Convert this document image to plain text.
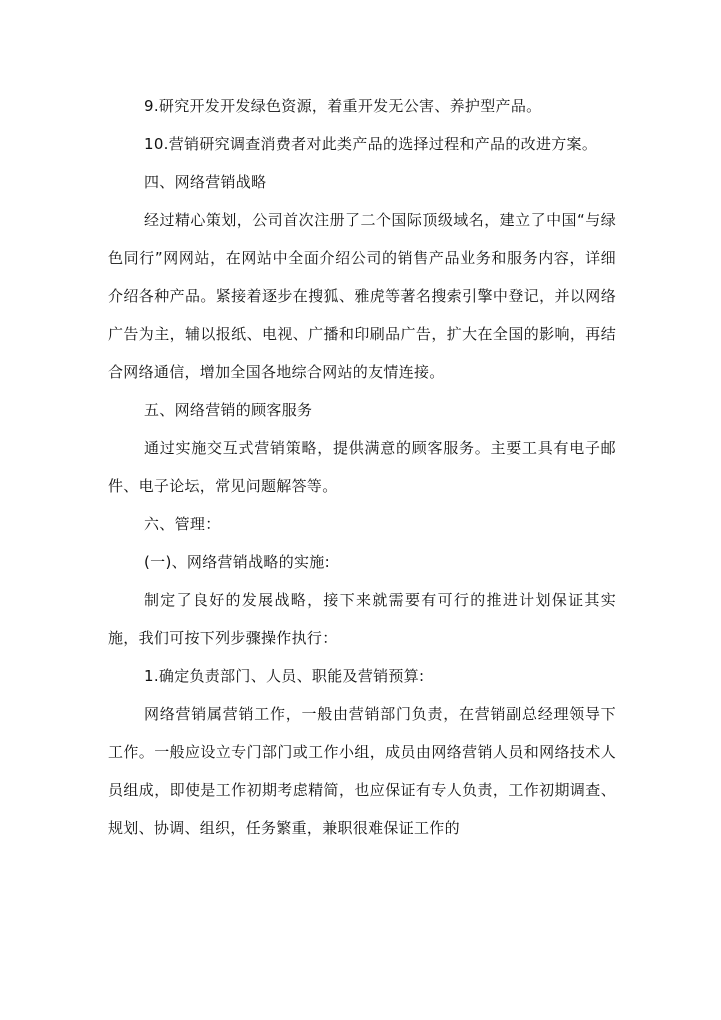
9.研究开发开发绿色资源，着重开发无公害、养护型产品。

10.营销研究调查消费者对此类产品的选择过程和产品的改进方案。

四、网络营销战略

经过精心策划，公司首次注册了二个国际顶级域名，建立了中国“与绿色同行”网网站，在网站中全面介绍公司的销售产品业务和服务内容，详细介绍各种产品。紧接着逐步在搜狐、雅虎等著名搜索引擎中登记，并以网络广告为主，辅以报纸、电视、广播和印刷品广告，扩大在全国的影响，再结合网络通信，增加全国各地综合网站的友情连接。

五、网络营销的顾客服务

通过实施交互式营销策略，提供满意的顾客服务。主要工具有电子邮件、电子论坛，常见问题解答等。

六、管理：

(一)、网络营销战略的实施:

制定了良好的发展战略，接下来就需要有可行的推进计划保证其实施，我们可按下列步骤操作执行：

1.确定负责部门、人员、职能及营销预算:

网络营销属营销工作，一般由营销部门负责，在营销副总经理领导下工作。一般应设立专门部门或工作小组，成员由网络营销人员和网络技术人员组成，即使是工作初期考虑精简，也应保证有专人负责，工作初期调查、规划、协调、组织，任务繁重，兼职很难保证工作的
